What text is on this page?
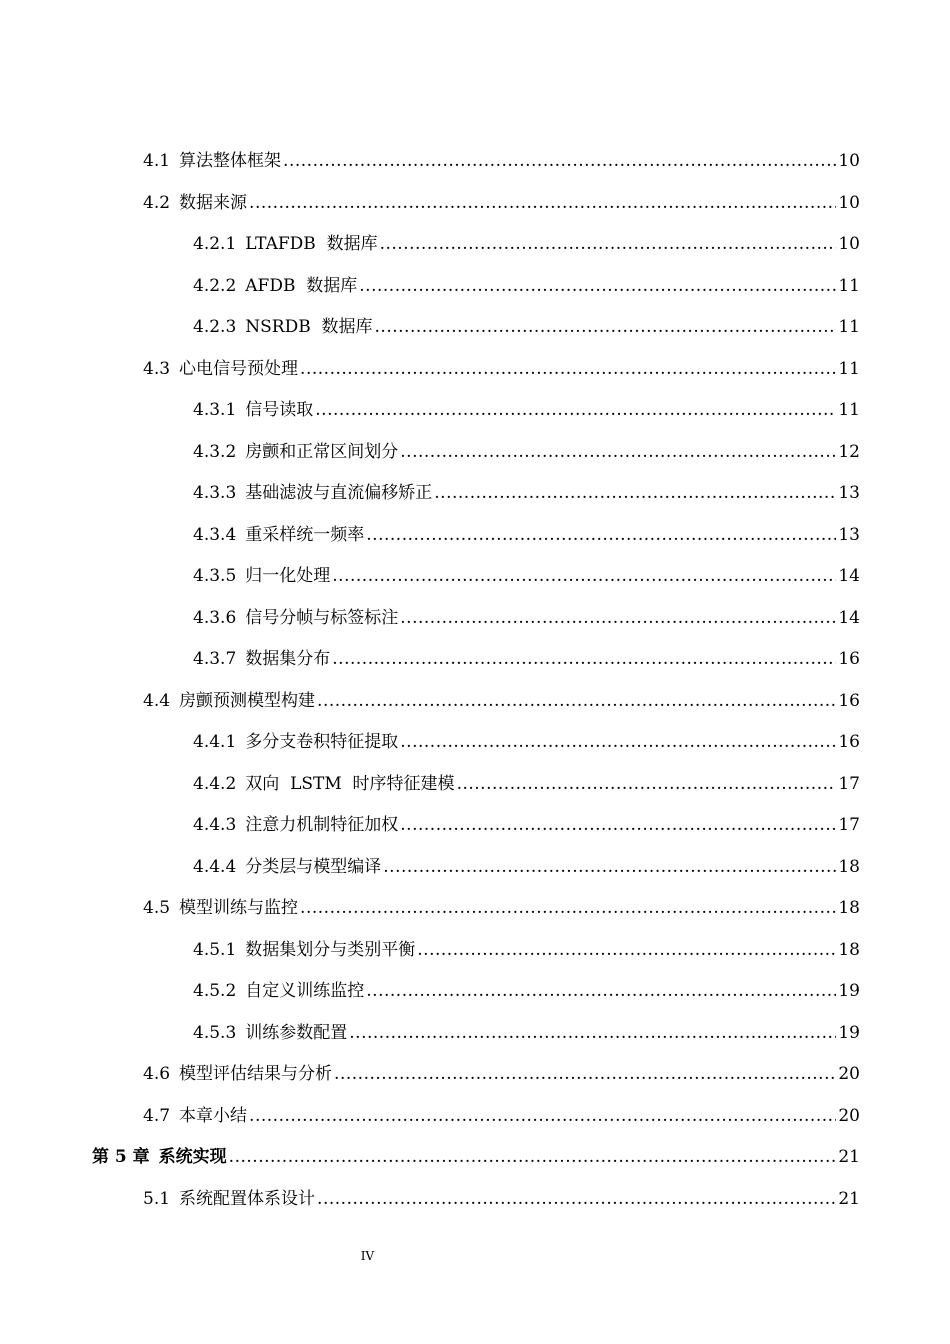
4.1 算法整体框架 .....	10
4.2 数据来源 .....	10
4.2.1 LTAFDB  数据库 .....	10
4.2.2 AFDB  数据库 .....	11
4.2.3 NSRDB  数据库 .....	11
4.3 心电信号预处理 .....	11
4.3.1 信号读取 .....	11
4.3.2 房颤和正常区间划分 .....	12
4.3.3 基础滤波与直流偏移矫正 .....	13
4.3.4 重采样统一频率 .....	13
4.3.5 归一化处理 .....	14
4.3.6 信号分帧与标签标注 .....	14
4.3.7 数据集分布 .....	16
4.4 房颤预测模型构建 .....	16
4.4.1 多分支卷积特征提取 .....	16
4.4.2 双向  LSTM  时序特征建模 .....	17
4.4.3 注意力机制特征加权 .....	17
4.4.4 分类层与模型编译 .....	18
4.5 模型训练与监控 .....	18
4.5.1 数据集划分与类别平衡 .....	18
4.5.2 自定义训练监控 .....	19
4.5.3 训练参数配置 .....	19
4.6 模型评估结果与分析 .....	20
4.7 本章小结 .....	20
第 5 章 系统实现 .....	21
5.1 系统配置体系设计 .....	21
IV
